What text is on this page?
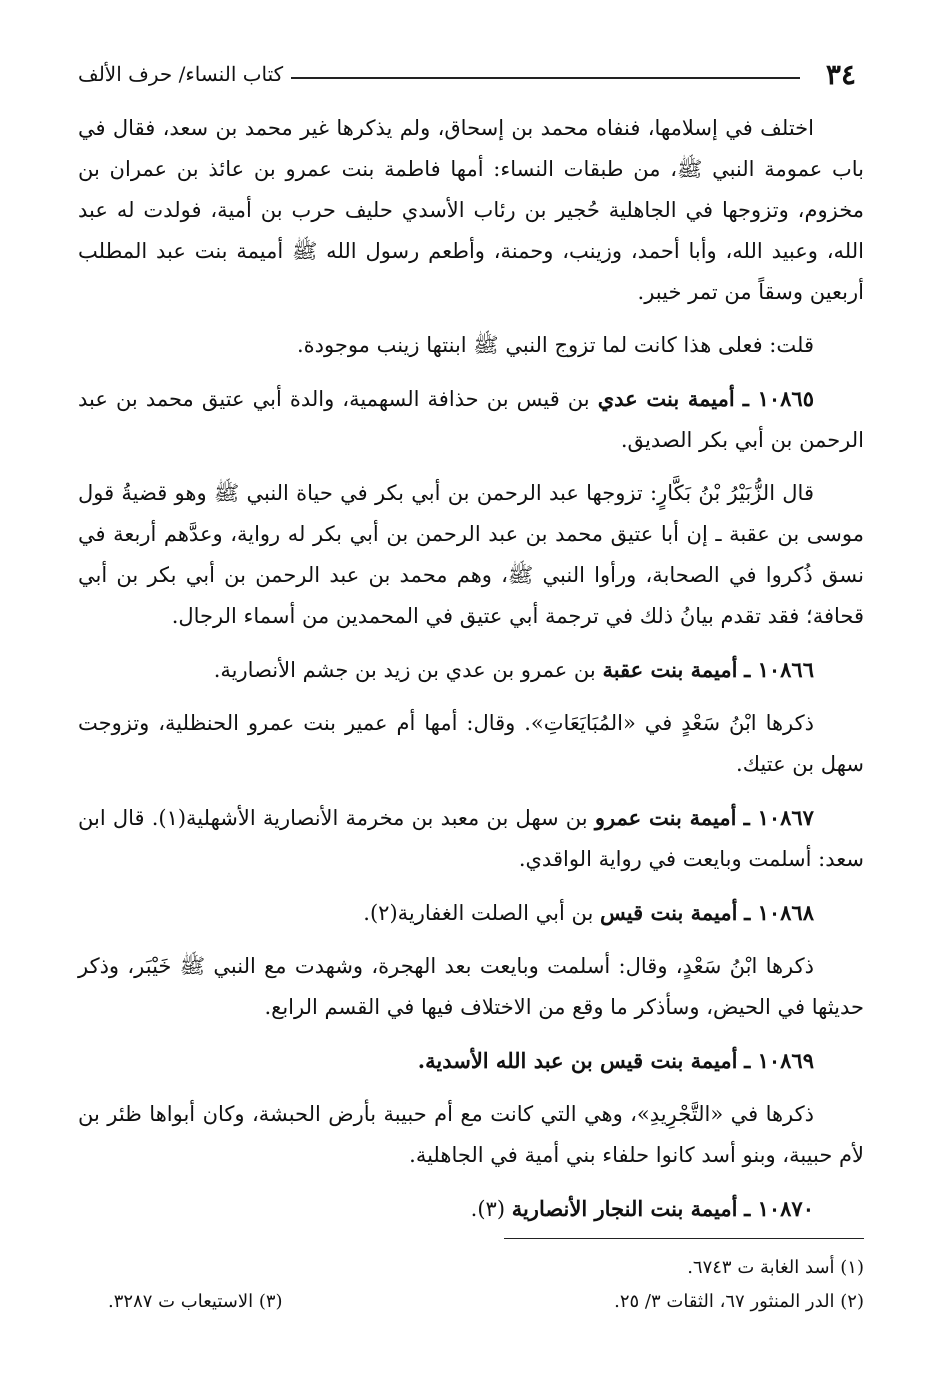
٣٤
كتاب النساء/ حرف الألف

اختلف في إسلامها، فنفاه محمد بن إسحاق، ولم يذكرها غير محمد بن سعد، فقال في باب عمومة النبي ﷺ، من طبقات النساء: أمها فاطمة بنت عمرو بن عائذ بن عمران بن مخزوم، وتزوجها في الجاهلية حُجير بن رئاب الأسدي حليف حرب بن أمية، فولدت له عبد الله، وعبيد الله، وأبا أحمد، وزينب، وحمنة، وأطعم رسول الله ﷺ أميمة بنت عبد المطلب أربعين وسقاً من تمر خيبر.

قلت: فعلى هذا كانت لما تزوج النبي ﷺ ابنتها زينب موجودة.

١٠٨٦٥ ـ أميمة بنت عدي بن قيس بن حذافة السهمية، والدة أبي عتيق محمد بن عبد الرحمن بن أبي بكر الصديق.

قال الزُّبَيْرُ بْنُ بَكَّارٍ: تزوجها عبد الرحمن بن أبي بكر في حياة النبي ﷺ وهو قضيةُ قول موسى بن عقبة ـ إن أبا عتيق محمد بن عبد الرحمن بن أبي بكر له رواية، وعدَّهم أربعة في نسق ذُكروا في الصحابة، ورأوا النبي ﷺ، وهم محمد بن عبد الرحمن بن أبي بكر بن أبي قحافة؛ فقد تقدم بيانُ ذلك في ترجمة أبي عتيق في المحمدين من أسماء الرجال.

١٠٨٦٦ ـ أميمة بنت عقبة بن عمرو بن عدي بن زيد بن جشم الأنصارية.

ذكرها ابْنُ سَعْدٍ في «المُبَايَعَاتِ». وقال: أمها أم عمير بنت عمرو الحنظلية، وتزوجت سهل بن عتيك.

١٠٨٦٧ ـ أميمة بنت عمرو بن سهل بن معبد بن مخرمة الأنصارية الأشهلية(١). قال ابن سعد: أسلمت وبايعت في رواية الواقدي.

١٠٨٦٨ ـ أميمة بنت قيس بن أبي الصلت الغفارية(٢).

ذكرها ابْنُ سَعْدٍ، وقال: أسلمت وبايعت بعد الهجرة، وشهدت مع النبي ﷺ خَيْبَر، وذكر حديثها في الحيض، وسأذكر ما وقع من الاختلاف فيها في القسم الرابع.

١٠٨٦٩ ـ أميمة بنت قيس بن عبد الله الأسدية.

ذكرها في «التَّجْرِيدِ»، وهي التي كانت مع أم حبيبة بأرض الحبشة، وكان أبواها ظئر بن لأم حبيبة، وبنو أسد كانوا حلفاء بني أمية في الجاهلية.

١٠٨٧٠ ـ أميمة بنت النجار الأنصارية (٣).

(١) أسد الغابة ت ٦٧٤٣.
(٢) الدر المنثور ٦٧، الثقات ٣/ ٢٥.
(٣) الاستيعاب ت ٣٢٨٧.
